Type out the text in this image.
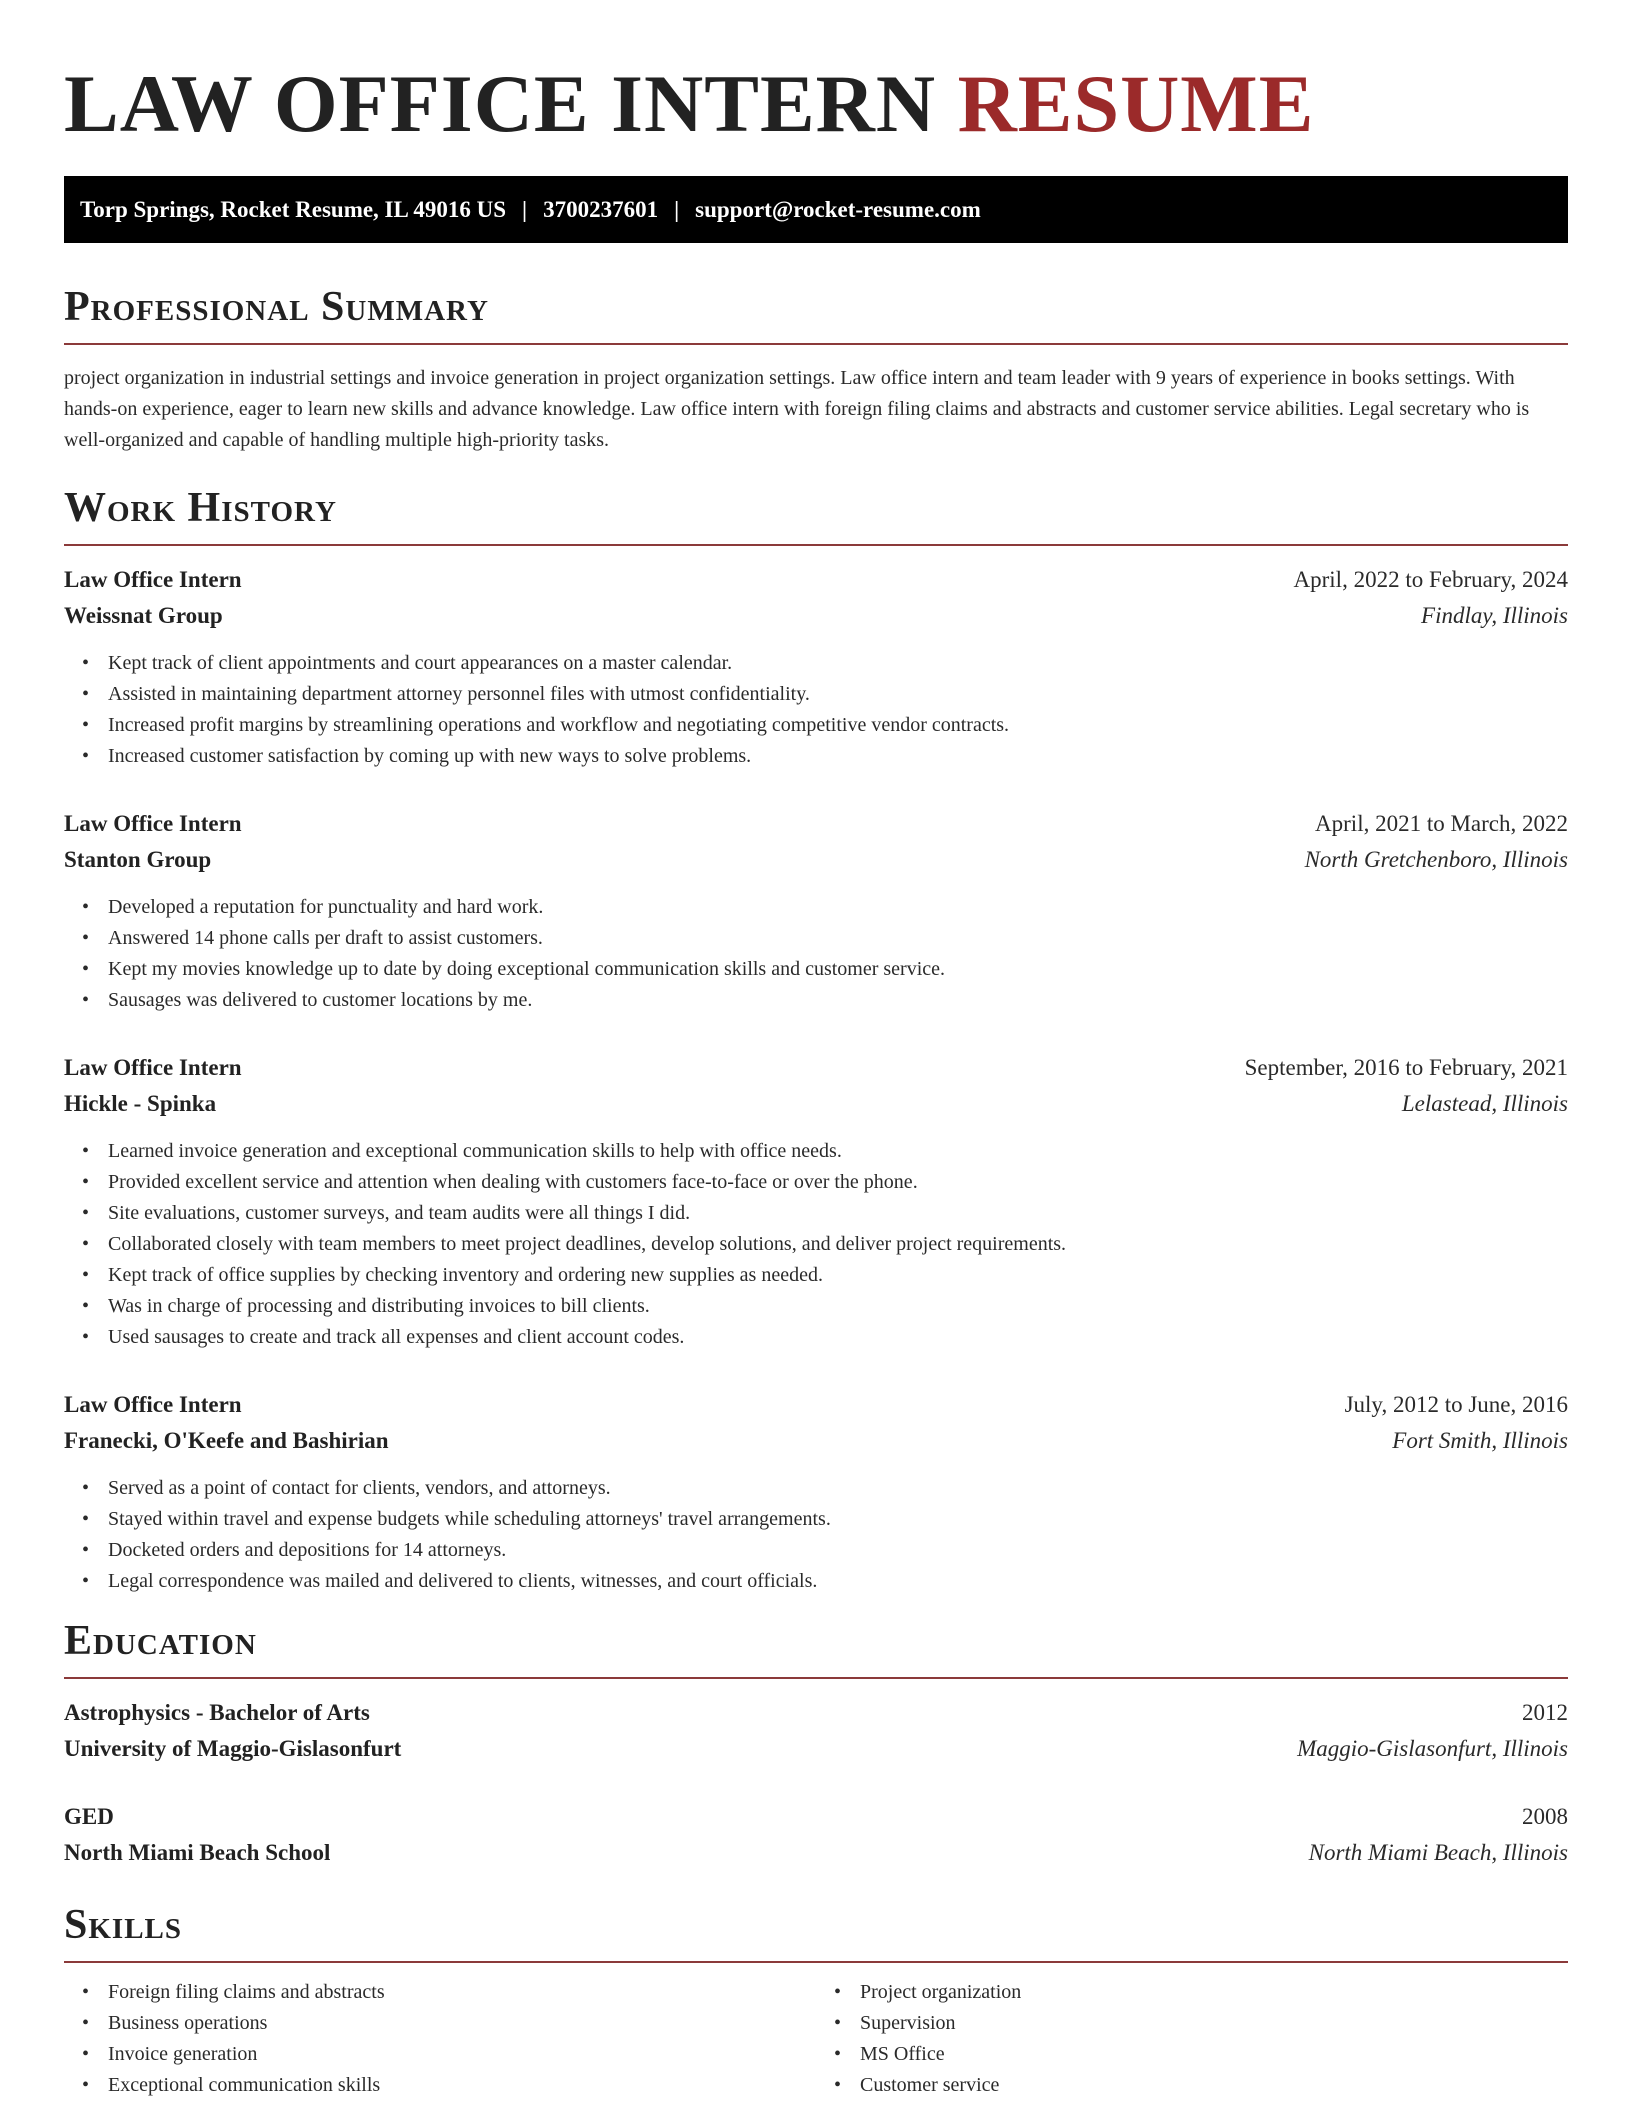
LAW OFFICE INTERN RESUME
Torp Springs, Rocket Resume, IL 49016 US | 3700237601 | support@rocket-resume.com
Professional Summary

project organization in industrial settings and invoice generation in project organization settings. Law office intern and team leader with 9 years of experience in books settings. With hands-on experience, eager to learn new skills and advance knowledge. Law office intern with foreign filing claims and abstracts and customer service abilities. Legal secretary who is well-organized and capable of handling multiple high-priority tasks.

Work History
Law Office Intern	April, 2022 to February, 2024
Weissnat Group	Findlay, Illinois
• Kept track of client appointments and court appearances on a master calendar.
• Assisted in maintaining department attorney personnel files with utmost confidentiality.
• Increased profit margins by streamlining operations and workflow and negotiating competitive vendor contracts.
• Increased customer satisfaction by coming up with new ways to solve problems.
Law Office Intern	April, 2021 to March, 2022
Stanton Group	North Gretchenboro, Illinois
• Developed a reputation for punctuality and hard work.
• Answered 14 phone calls per draft to assist customers.
• Kept my movies knowledge up to date by doing exceptional communication skills and customer service.
• Sausages was delivered to customer locations by me.
Law Office Intern	September, 2016 to February, 2021
Hickle - Spinka	Lelastead, Illinois
• Learned invoice generation and exceptional communication skills to help with office needs.
• Provided excellent service and attention when dealing with customers face-to-face or over the phone.
• Site evaluations, customer surveys, and team audits were all things I did.
• Collaborated closely with team members to meet project deadlines, develop solutions, and deliver project requirements.
• Kept track of office supplies by checking inventory and ordering new supplies as needed.
• Was in charge of processing and distributing invoices to bill clients.
• Used sausages to create and track all expenses and client account codes.
Law Office Intern	July, 2012 to June, 2016
Franecki, O'Keefe and Bashirian	Fort Smith, Illinois
• Served as a point of contact for clients, vendors, and attorneys.
• Stayed within travel and expense budgets while scheduling attorneys' travel arrangements.
• Docketed orders and depositions for 14 attorneys.
• Legal correspondence was mailed and delivered to clients, witnesses, and court officials.
Education
Astrophysics - Bachelor of Arts	2012
University of Maggio-Gislasonfurt	Maggio-Gislasonfurt, Illinois
GED	2008
North Miami Beach School	North Miami Beach, Illinois
Skills
• Foreign filing claims and abstracts
• Business operations
• Invoice generation
• Exceptional communication skills
• Project organization
• Supervision
• MS Office
• Customer service
